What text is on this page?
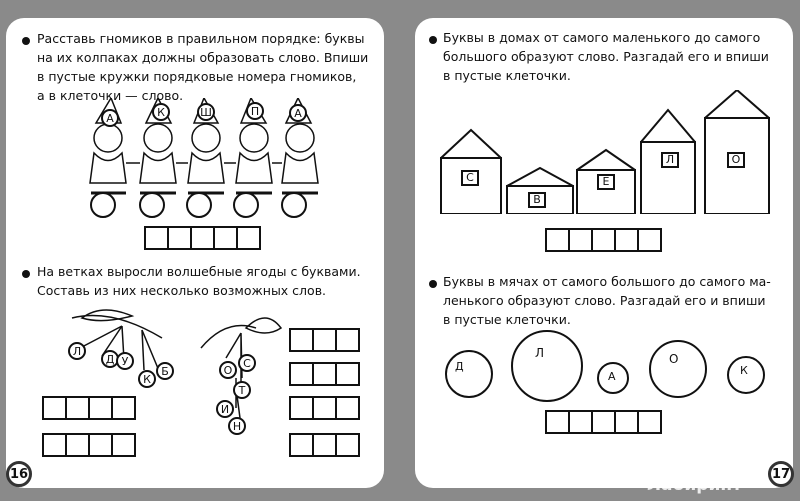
Расставь гномиков в правильном порядке: буквы
на их колпаках должны образовать слово. Впиши
в пустые кружки порядковые номера гномиков,
а в клеточки — слово.

А	К	Ш	П	А

На ветках выросли волшебные ягоды с буквами.
Составь из них несколько возможных слов.

Л
Д У
К
Б	О
С
Т
И
Н
16

Буквы в домах от самого маленького до самого
большого образуют слово. Разгадай его и впиши
в пустые клеточки.

С
В
Е
Л	О

Буквы в мячах от самого большого до самого ма-
ленького образуют слово. Разгадай его и впиши
в пустые клеточки.

Д
Л
А
О
К
17
Лабиринт
